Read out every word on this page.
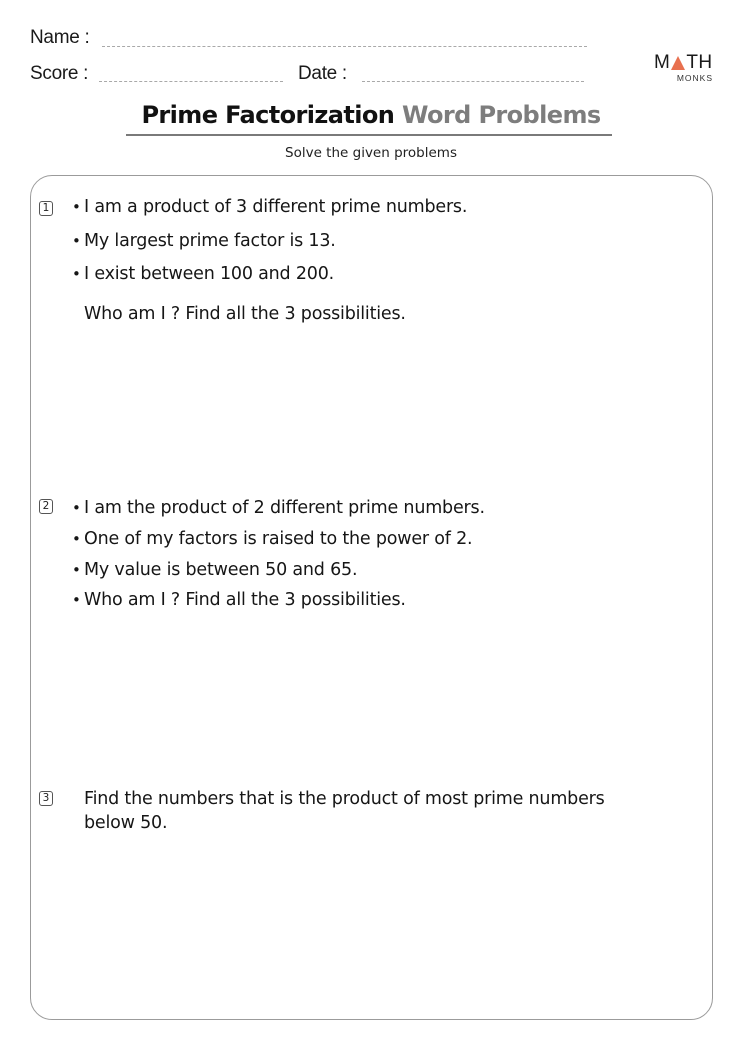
Name :
Score :	Date :
M TH
MONKS
Prime Factorization Word Problems
Solve the given problems
1 • I am a product of 3 different prime numbers.
• My largest prime factor is 13.
• I exist between 100 and 200.
Who am I ? Find all the 3 possibilities.
2 • I am the product of 2 different prime numbers.
• One of my factors is raised to the power of 2.
• My value is between 50 and 65.
• Who am I ? Find all the 3 possibilities.
3 Find the numbers that is the product of most prime numbers
below 50.
